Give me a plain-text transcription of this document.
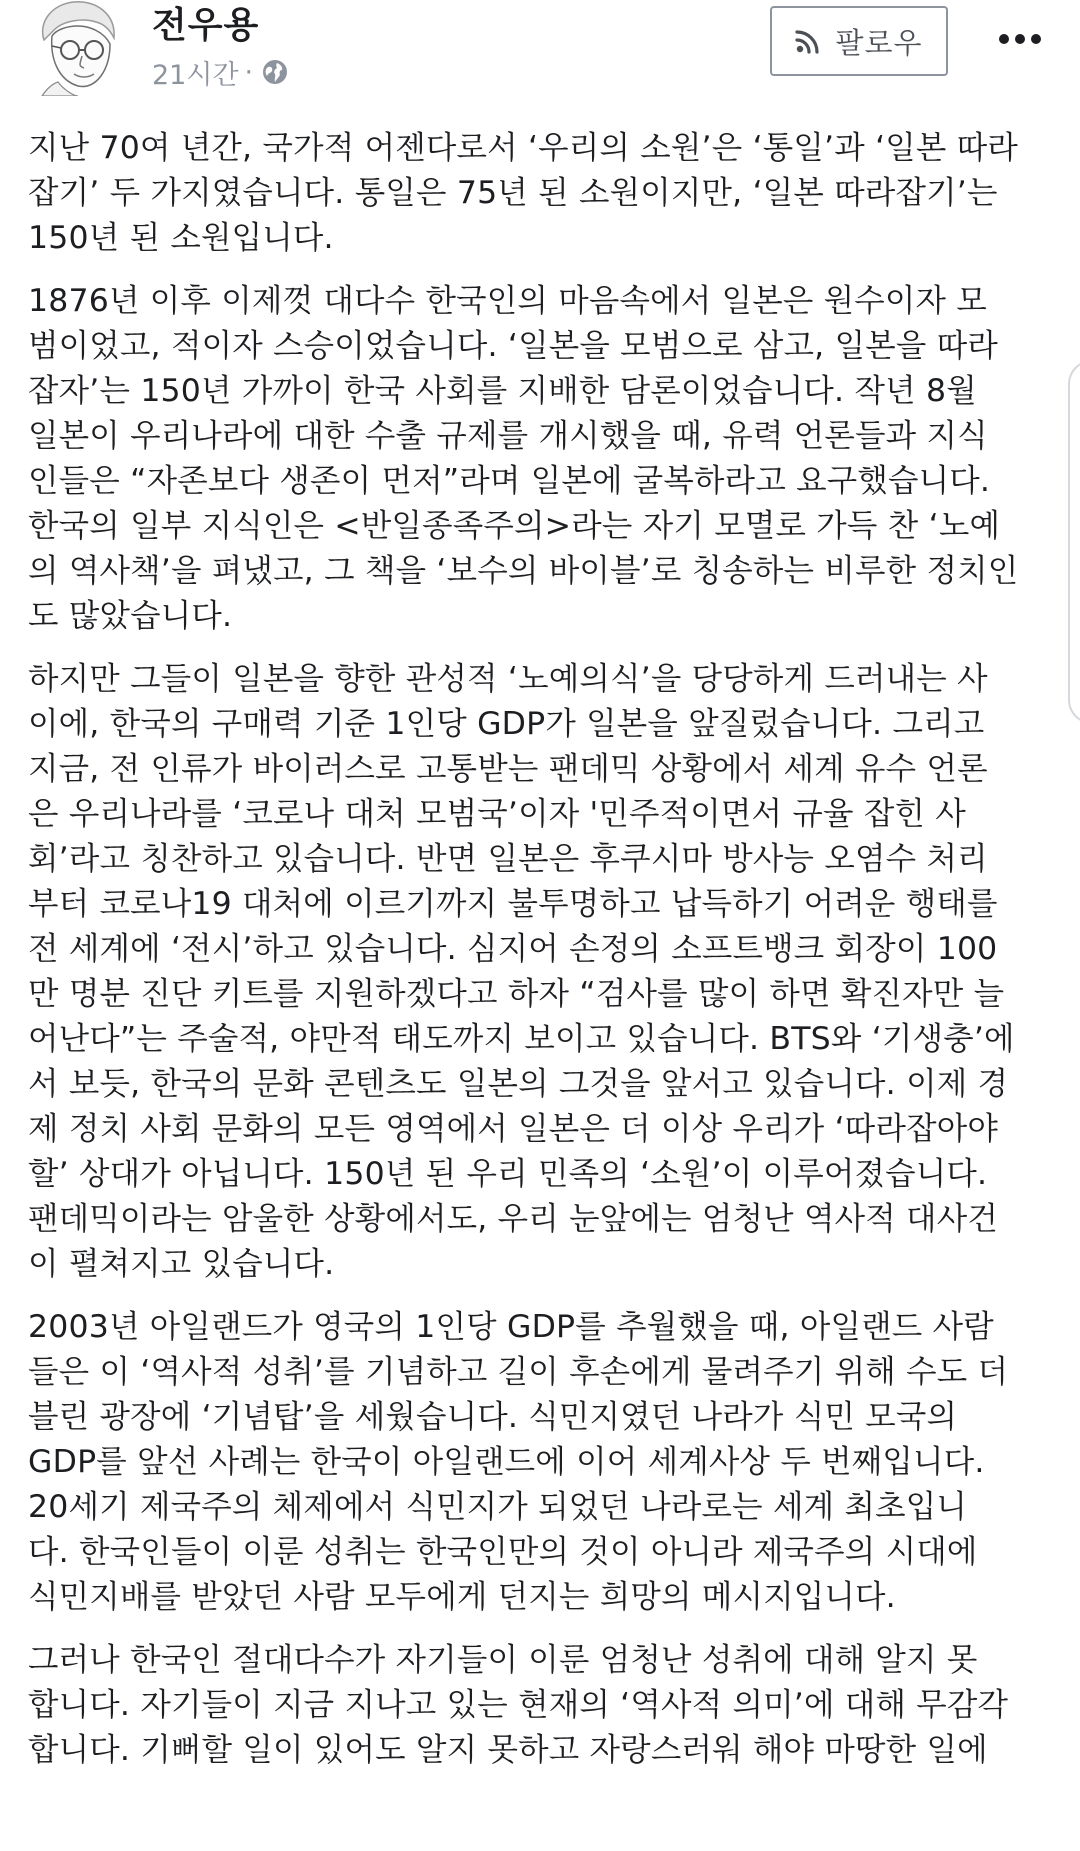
전우용
21시간 ·
팔로우

지난 70여 년간, 국가적 어젠다로서 ‘우리의 소원’은 ‘통일’과 ‘일본 따라
잡기’ 두 가지였습니다. 통일은 75년 된 소원이지만, ‘일본 따라잡기’는
150년 된 소원입니다.

1876년 이후 이제껏 대다수 한국인의 마음속에서 일본은 원수이자 모
범이었고, 적이자 스승이었습니다. ‘일본을 모범으로 삼고, 일본을 따라
잡자’는 150년 가까이 한국 사회를 지배한 담론이었습니다. 작년 8월
일본이 우리나라에 대한 수출 규제를 개시했을 때, 유력 언론들과 지식
인들은 “자존보다 생존이 먼저”라며 일본에 굴복하라고 요구했습니다.
한국의 일부 지식인은 <반일종족주의>라는 자기 모멸로 가득 찬 ‘노예
의 역사책’을 펴냈고, 그 책을 ‘보수의 바이블’로 칭송하는 비루한 정치인
도 많았습니다.

하지만 그들이 일본을 향한 관성적 ‘노예의식’을 당당하게 드러내는 사
이에, 한국의 구매력 기준 1인당 GDP가 일본을 앞질렀습니다. 그리고
지금, 전 인류가 바이러스로 고통받는 팬데믹 상황에서 세계 유수 언론
은 우리나라를 ‘코로나 대처 모범국’이자 '민주적이면서 규율 잡힌 사
회’라고 칭찬하고 있습니다. 반면 일본은 후쿠시마 방사능 오염수 처리
부터 코로나19 대처에 이르기까지 불투명하고 납득하기 어려운 행태를
전 세계에 ‘전시’하고 있습니다. 심지어 손정의 소프트뱅크 회장이 100
만 명분 진단 키트를 지원하겠다고 하자 “검사를 많이 하면 확진자만 늘
어난다”는 주술적, 야만적 태도까지 보이고 있습니다. BTS와 ‘기생충’에
서 보듯, 한국의 문화 콘텐츠도 일본의 그것을 앞서고 있습니다. 이제 경
제 정치 사회 문화의 모든 영역에서 일본은 더 이상 우리가 ‘따라잡아야
할’ 상대가 아닙니다. 150년 된 우리 민족의 ‘소원’이 이루어졌습니다.
팬데믹이라는 암울한 상황에서도, 우리 눈앞에는 엄청난 역사적 대사건
이 펼쳐지고 있습니다.

2003년 아일랜드가 영국의 1인당 GDP를 추월했을 때, 아일랜드 사람
들은 이 ‘역사적 성취’를 기념하고 길이 후손에게 물려주기 위해 수도 더
블린 광장에 ‘기념탑’을 세웠습니다. 식민지였던 나라가 식민 모국의
GDP를 앞선 사례는 한국이 아일랜드에 이어 세계사상 두 번째입니다.
20세기 제국주의 체제에서 식민지가 되었던 나라로는 세계 최초입니
다. 한국인들이 이룬 성취는 한국인만의 것이 아니라 제국주의 시대에
식민지배를 받았던 사람 모두에게 던지는 희망의 메시지입니다.

그러나 한국인 절대다수가 자기들이 이룬 엄청난 성취에 대해 알지 못
합니다. 자기들이 지금 지나고 있는 현재의 ‘역사적 의미’에 대해 무감각
합니다. 기뻐할 일이 있어도 알지 못하고 자랑스러워 해야 마땅한 일에
